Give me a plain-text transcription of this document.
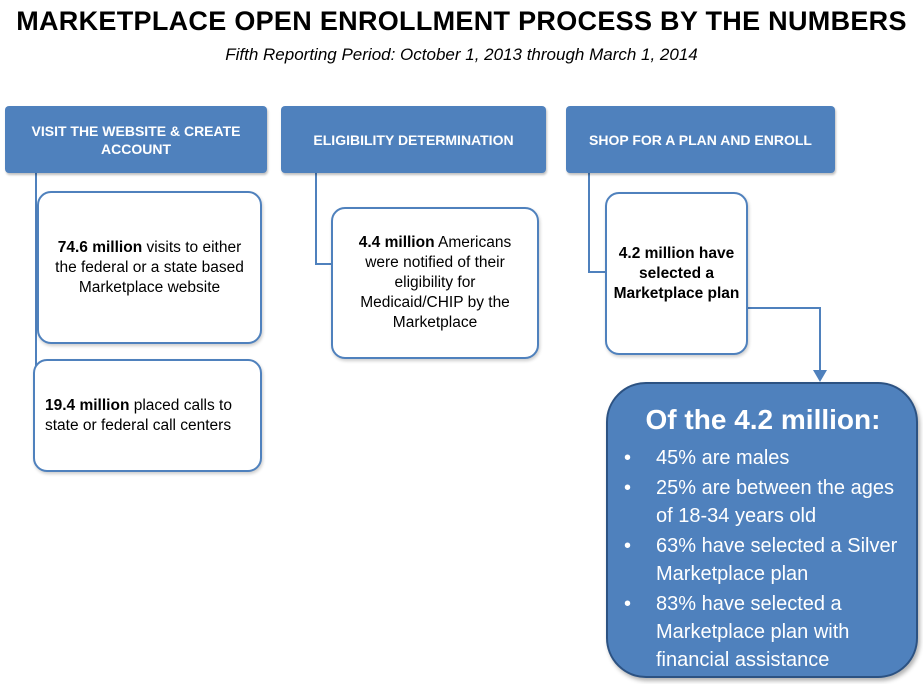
MARKETPLACE OPEN ENROLLMENT PROCESS BY THE NUMBERS
Fifth Reporting Period: October 1, 2013 through March 1, 2014
VISIT THE WEBSITE & CREATE ACCOUNT
74.6 million visits to either the federal or a state based Marketplace website
19.4 million placed calls to state or federal call centers
ELIGIBILITY DETERMINATION
4.4 million Americans were notified of their eligibility for Medicaid/CHIP by the Marketplace
SHOP FOR A PLAN AND ENROLL
4.2 million have selected a Marketplace plan
Of the 4.2 million:
• 45% are males
• 25% are between the ages of 18-34 years old
• 63% have selected a Silver Marketplace plan
• 83% have selected a Marketplace plan with financial assistance
